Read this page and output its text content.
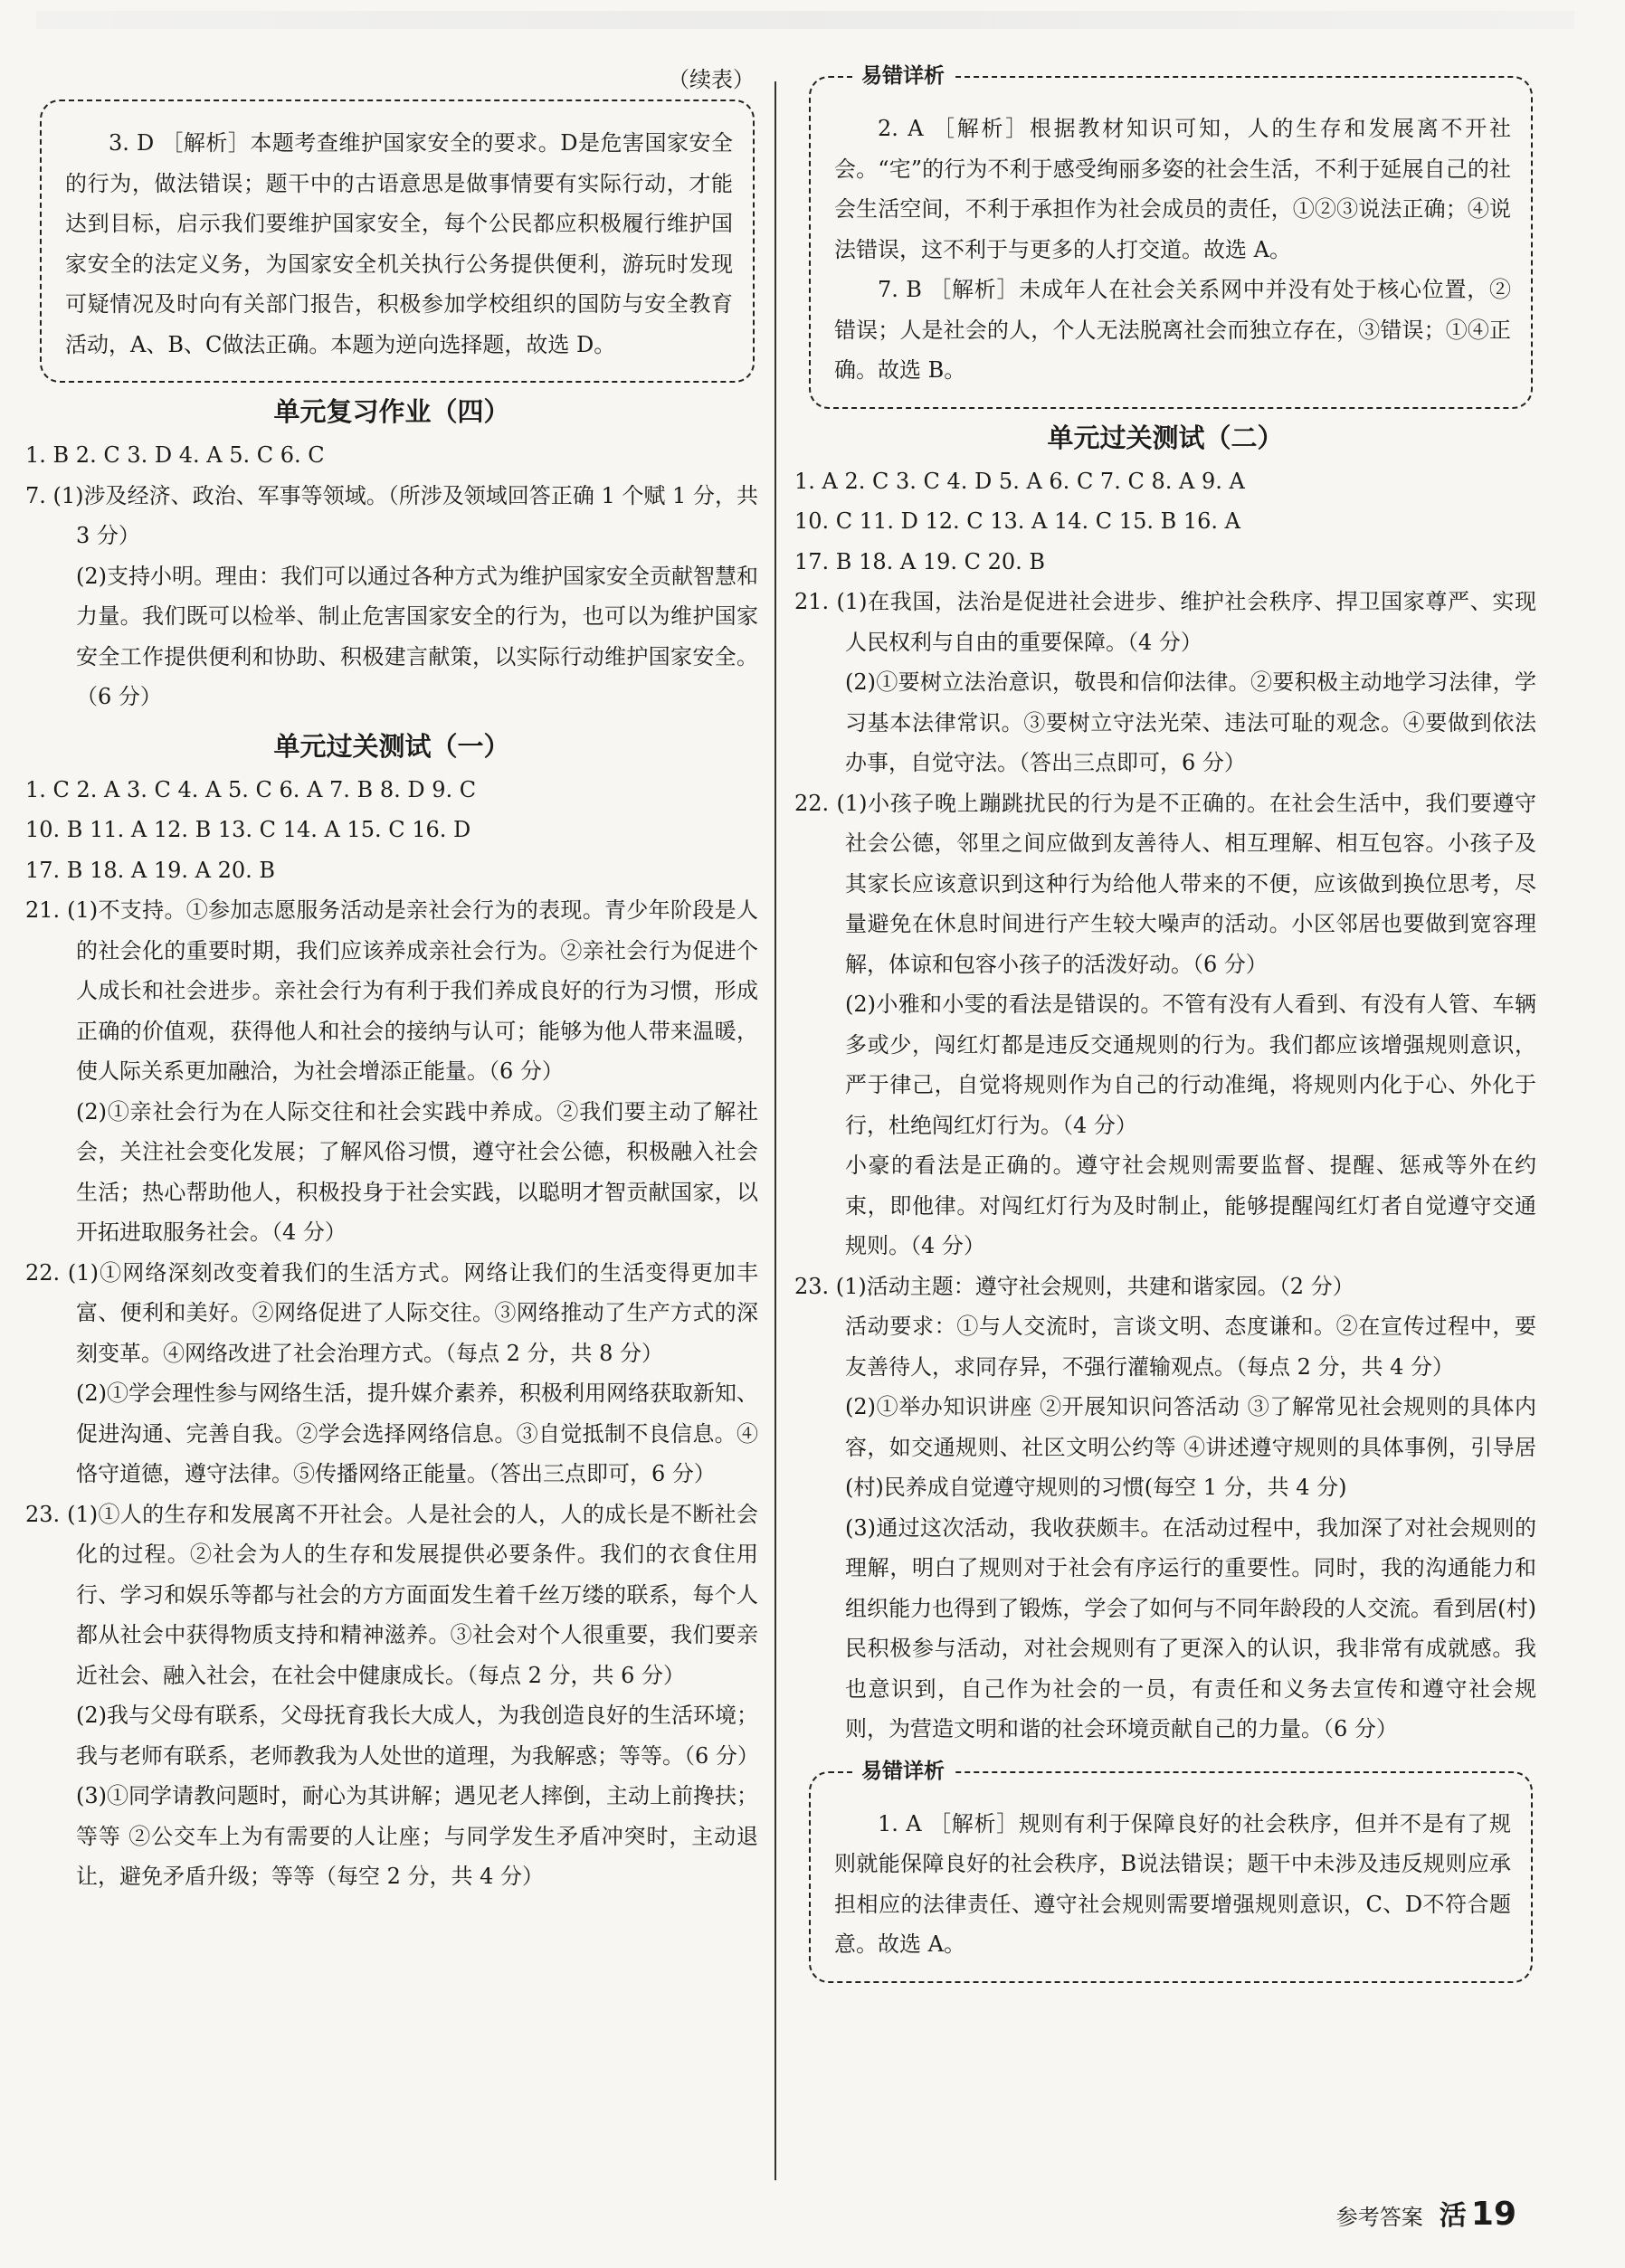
（续表）

3. D ［解析］本题考查维护国家安全的要求。D是危害国家安全的行为，做法错误；题干中的古语意思是做事情要有实际行动，才能达到目标，启示我们要维护国家安全，每个公民都应积极履行维护国家安全的法定义务，为国家安全机关执行公务提供便利，游玩时发现可疑情况及时向有关部门报告，积极参加学校组织的国防与安全教育活动，A、B、C做法正确。本题为逆向选择题，故选 D。

单元复习作业（四）

1. B 2. C 3. D 4. A 5. C 6. C

7. (1)涉及经济、政治、军事等领域。（所涉及领域回答正确 1 个赋 1 分，共 3 分）

(2)支持小明。理由：我们可以通过各种方式为维护国家安全贡献智慧和力量。我们既可以检举、制止危害国家安全的行为，也可以为维护国家安全工作提供便利和协助、积极建言献策，以实际行动维护国家安全。（6 分）

单元过关测试（一）

1. C 2. A 3. C 4. A 5. C 6. A 7. B 8. D 9. C

10. B 11. A 12. B 13. C 14. A 15. C 16. D

17. B 18. A 19. A 20. B

21. (1)不支持。①参加志愿服务活动是亲社会行为的表现。青少年阶段是人的社会化的重要时期，我们应该养成亲社会行为。②亲社会行为促进个人成长和社会进步。亲社会行为有利于我们养成良好的行为习惯，形成正确的价值观，获得他人和社会的接纳与认可；能够为他人带来温暖，使人际关系更加融洽，为社会增添正能量。（6 分）

(2)①亲社会行为在人际交往和社会实践中养成。②我们要主动了解社会，关注社会变化发展；了解风俗习惯，遵守社会公德，积极融入社会生活；热心帮助他人，积极投身于社会实践，以聪明才智贡献国家，以开拓进取服务社会。（4 分）

22. (1)①网络深刻改变着我们的生活方式。网络让我们的生活变得更加丰富、便利和美好。②网络促进了人际交往。③网络推动了生产方式的深刻变革。④网络改进了社会治理方式。（每点 2 分，共 8 分）

(2)①学会理性参与网络生活，提升媒介素养，积极利用网络获取新知、促进沟通、完善自我。②学会选择网络信息。③自觉抵制不良信息。④恪守道德，遵守法律。⑤传播网络正能量。（答出三点即可，6 分）

23. (1)①人的生存和发展离不开社会。人是社会的人，人的成长是不断社会化的过程。②社会为人的生存和发展提供必要条件。我们的衣食住用行、学习和娱乐等都与社会的方方面面发生着千丝万缕的联系，每个人都从社会中获得物质支持和精神滋养。③社会对个人很重要，我们要亲近社会、融入社会，在社会中健康成长。（每点 2 分，共 6 分）

(2)我与父母有联系，父母抚育我长大成人，为我创造良好的生活环境；我与老师有联系，老师教我为人处世的道理，为我解惑；等等。（6 分）

(3)①同学请教问题时，耐心为其讲解；遇见老人摔倒，主动上前搀扶；等等 ②公交车上为有需要的人让座；与同学发生矛盾冲突时，主动退让，避免矛盾升级；等等（每空 2 分，共 4 分）

易错详析

2. A ［解析］根据教材知识可知，人的生存和发展离不开社会。“宅”的行为不利于感受绚丽多姿的社会生活，不利于延展自己的社会生活空间，不利于承担作为社会成员的责任，①②③说法正确；④说法错误，这不利于与更多的人打交道。故选 A。

7. B ［解析］未成年人在社会关系网中并没有处于核心位置，②错误；人是社会的人，个人无法脱离社会而独立存在，③错误；①④正确。故选 B。

单元过关测试（二）

1. A 2. C 3. C 4. D 5. A 6. C 7. C 8. A 9. A

10. C 11. D 12. C 13. A 14. C 15. B 16. A

17. B 18. A 19. C 20. B

21. (1)在我国，法治是促进社会进步、维护社会秩序、捍卫国家尊严、实现人民权利与自由的重要保障。（4 分）

(2)①要树立法治意识，敬畏和信仰法律。②要积极主动地学习法律，学习基本法律常识。③要树立守法光荣、违法可耻的观念。④要做到依法办事，自觉守法。（答出三点即可，6 分）

22. (1)小孩子晚上蹦跳扰民的行为是不正确的。在社会生活中，我们要遵守社会公德，邻里之间应做到友善待人、相互理解、相互包容。小孩子及其家长应该意识到这种行为给他人带来的不便，应该做到换位思考，尽量避免在休息时间进行产生较大噪声的活动。小区邻居也要做到宽容理解，体谅和包容小孩子的活泼好动。（6 分）

(2)小雅和小雯的看法是错误的。不管有没有人看到、有没有人管、车辆多或少，闯红灯都是违反交通规则的行为。我们都应该增强规则意识，严于律己，自觉将规则作为自己的行动准绳，将规则内化于心、外化于行，杜绝闯红灯行为。（4 分）

小豪的看法是正确的。遵守社会规则需要监督、提醒、惩戒等外在约束，即他律。对闯红灯行为及时制止，能够提醒闯红灯者自觉遵守交通规则。（4 分）

23. (1)活动主题：遵守社会规则，共建和谐家园。（2 分）

活动要求：①与人交流时，言谈文明、态度谦和。②在宣传过程中，要友善待人，求同存异，不强行灌输观点。（每点 2 分，共 4 分）

(2)①举办知识讲座 ②开展知识问答活动 ③了解常见社会规则的具体内容，如交通规则、社区文明公约等 ④讲述遵守规则的具体事例，引导居(村)民养成自觉遵守规则的习惯(每空 1 分，共 4 分)

(3)通过这次活动，我收获颇丰。在活动过程中，我加深了对社会规则的理解，明白了规则对于社会有序运行的重要性。同时，我的沟通能力和组织能力也得到了锻炼，学会了如何与不同年龄段的人交流。看到居(村)民积极参与活动，对社会规则有了更深入的认识，我非常有成就感。我也意识到，自己作为社会的一员，有责任和义务去宣传和遵守社会规则，为营造文明和谐的社会环境贡献自己的力量。（6 分）

易错详析

1. A ［解析］规则有利于保障良好的社会秩序，但并不是有了规则就能保障良好的社会秩序，B说法错误；题干中未涉及违反规则应承担相应的法律责任、遵守社会规则需要增强规则意识，C、D不符合题意。故选 A。

参考答案 活 19
